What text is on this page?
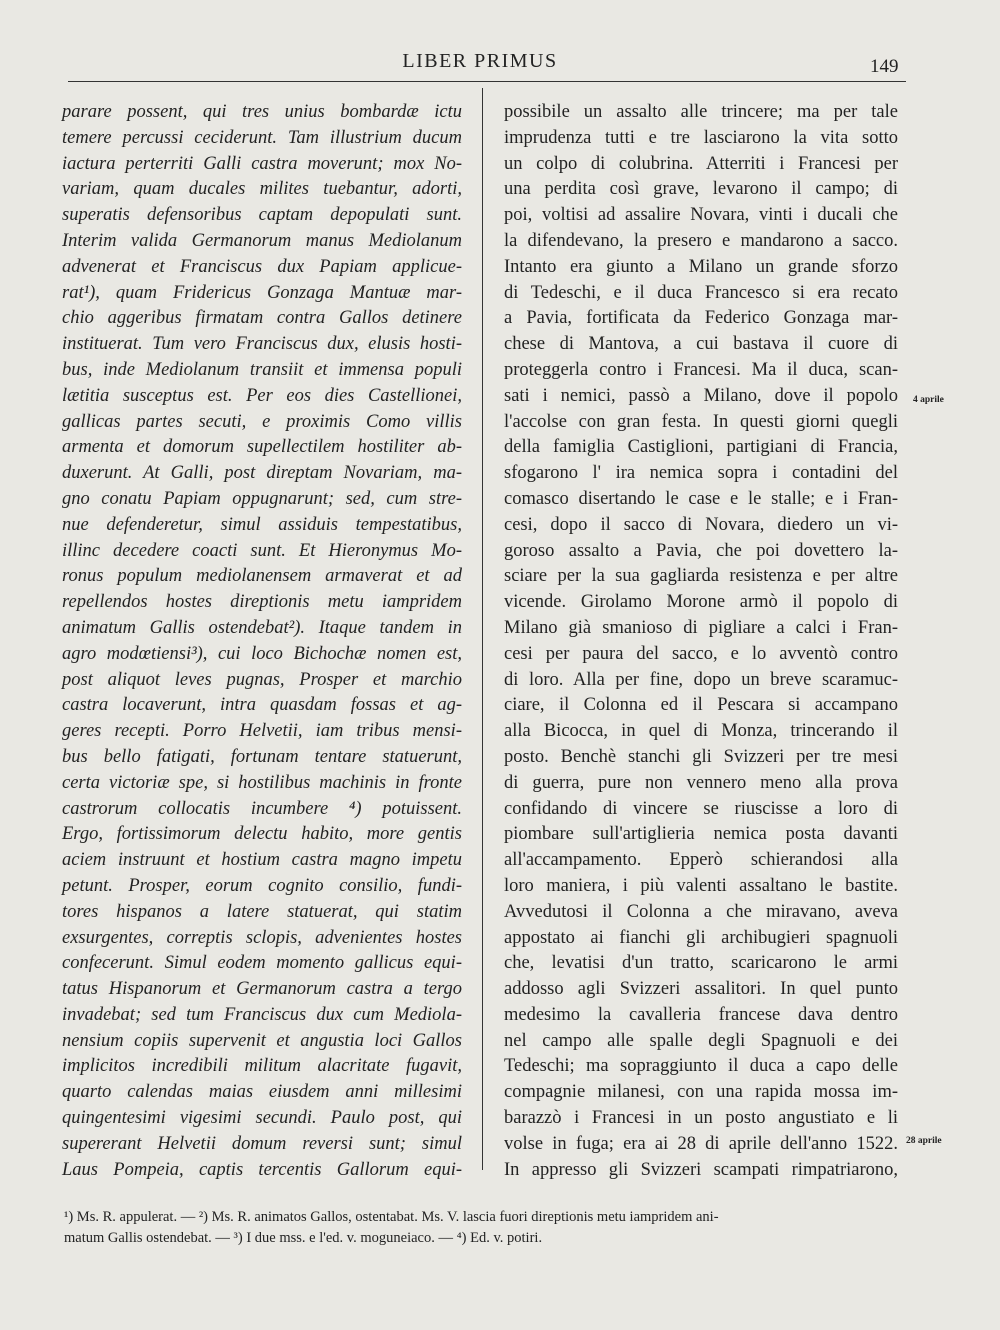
LIBER PRIMUS	149
parare possent, qui tres unius bombardæ ictu
temere percussi ceciderunt. Tam illustrium ducum
iactura perterriti Galli castra moverunt; mox No-
variam, quam ducales milites tuebantur, adorti,
superatis defensoribus captam depopulati sunt.
Interim valida Germanorum manus Mediolanum
advenerat et Franciscus dux Papiam applicue-
rat¹), quam Fridericus Gonzaga Mantuæ mar-
chio aggeribus firmatam contra Gallos detinere
instituerat. Tum vero Franciscus dux, elusis hosti-
bus, inde Mediolanum transiit et immensa populi
lætitia susceptus est. Per eos dies Castellionei,
gallicas partes secuti, e proximis Como villis
armenta et domorum supellectilem hostiliter ab-
duxerunt. At Galli, post direptam Novariam, ma-
gno conatu Papiam oppugnarunt; sed, cum stre-
nue defenderetur, simul assiduis tempestatibus,
illinc decedere coacti sunt. Et Hieronymus Mo-
ronus populum mediolanensem armaverat et ad
repellendos hostes direptionis metu iampridem
animatum Gallis ostendebat²). Itaque tandem in
agro modœtiensi³), cui loco Bichochæ nomen est,
post aliquot leves pugnas, Prosper et marchio
castra locaverunt, intra quasdam fossas et ag-
geres recepti. Porro Helvetii, iam tribus mensi-
bus bello fatigati, fortunam tentare statuerunt,
certa victoriæ spe, si hostilibus machinis in fronte
castrorum collocatis incumbere ⁴) potuissent.
Ergo, fortissimorum delectu habito, more gentis
aciem instruunt et hostium castra magno impetu
petunt. Prosper, eorum cognito consilio, fundi-
tores hispanos a latere statuerat, qui statim
exsurgentes, correptis sclopis, advenientes hostes
confecerunt. Simul eodem momento gallicus equi-
tatus Hispanorum et Germanorum castra a tergo
invadebat; sed tum Franciscus dux cum Mediola-
nensium copiis supervenit et angustia loci Gallos
implicitos incredibili militum alacritate fugavit,
quarto calendas maias eiusdem anni millesimi
quingentesimi vigesimi secundi. Paulo post, qui
supererant Helvetii domum reversi sunt; simul
Laus Pompeia, captis tercentis Gallorum equi-
possibile un assalto alle trincere; ma per tale
imprudenza tutti e tre lasciarono la vita sotto
un colpo di colubrina. Atterriti i Francesi per
una perdita così grave, levarono il campo; di
poi, voltisi ad assalire Novara, vinti i ducali che
la difendevano, la presero e mandarono a sacco.
Intanto era giunto a Milano un grande sforzo
di Tedeschi, e il duca Francesco si era recato
a Pavia, fortificata da Federico Gonzaga mar-
chese di Mantova, a cui bastava il cuore di
proteggerla contro i Francesi. Ma il duca, scan-
sati i nemici, passò a Milano, dove il popolo
l'accolse con gran festa. In questi giorni quegli
della famiglia Castiglioni, partigiani di Francia,
sfogarono l' ira nemica sopra i contadini del
comasco disertando le case e le stalle; e i Fran-
cesi, dopo il sacco di Novara, diedero un vi-
goroso assalto a Pavia, che poi dovettero la-
sciare per la sua gagliarda resistenza e per altre
vicende. Girolamo Morone armò il popolo di
Milano già smanioso di pigliare a calci i Fran-
cesi per paura del sacco, e lo avventò contro
di loro. Alla per fine, dopo un breve scaramuc-
ciare, il Colonna ed il Pescara si accampano
alla Bicocca, in quel di Monza, trincerando il
posto. Benchè stanchi gli Svizzeri per tre mesi
di guerra, pure non vennero meno alla prova
confidando di vincere se riuscisse a loro di
piombare sull'artiglieria nemica posta davanti
all'accampamento. Epperò schierandosi alla
loro maniera, i più valenti assaltano le bastite.
Avvedutosi il Colonna a che miravano, aveva
appostato ai fianchi gli archibugieri spagnuoli
che, levatisi d'un tratto, scaricarono le armi
addosso agli Svizzeri assalitori. In quel punto
medesimo la cavalleria francese dava dentro
nel campo alle spalle degli Spagnuoli e dei
Tedeschi; ma sopraggiunto il duca a capo delle
compagnie milanesi, con una rapida mossa im-
barazzò i Francesi in un posto angustiato e li
volse in fuga; era ai 28 di aprile dell'anno 1522.
In appresso gli Svizzeri scampati rimpatriarono,
4 aprile
28 aprile

¹) Ms. R. appulerat. — ²) Ms. R. animatos Gallos, ostentabat. Ms. V. lascia fuori direptionis metu iampridem ani-

matum Gallis ostendebat. — ³) I due mss. e l'ed. v. moguneiaco. — ⁴) Ed. v. potiri.
